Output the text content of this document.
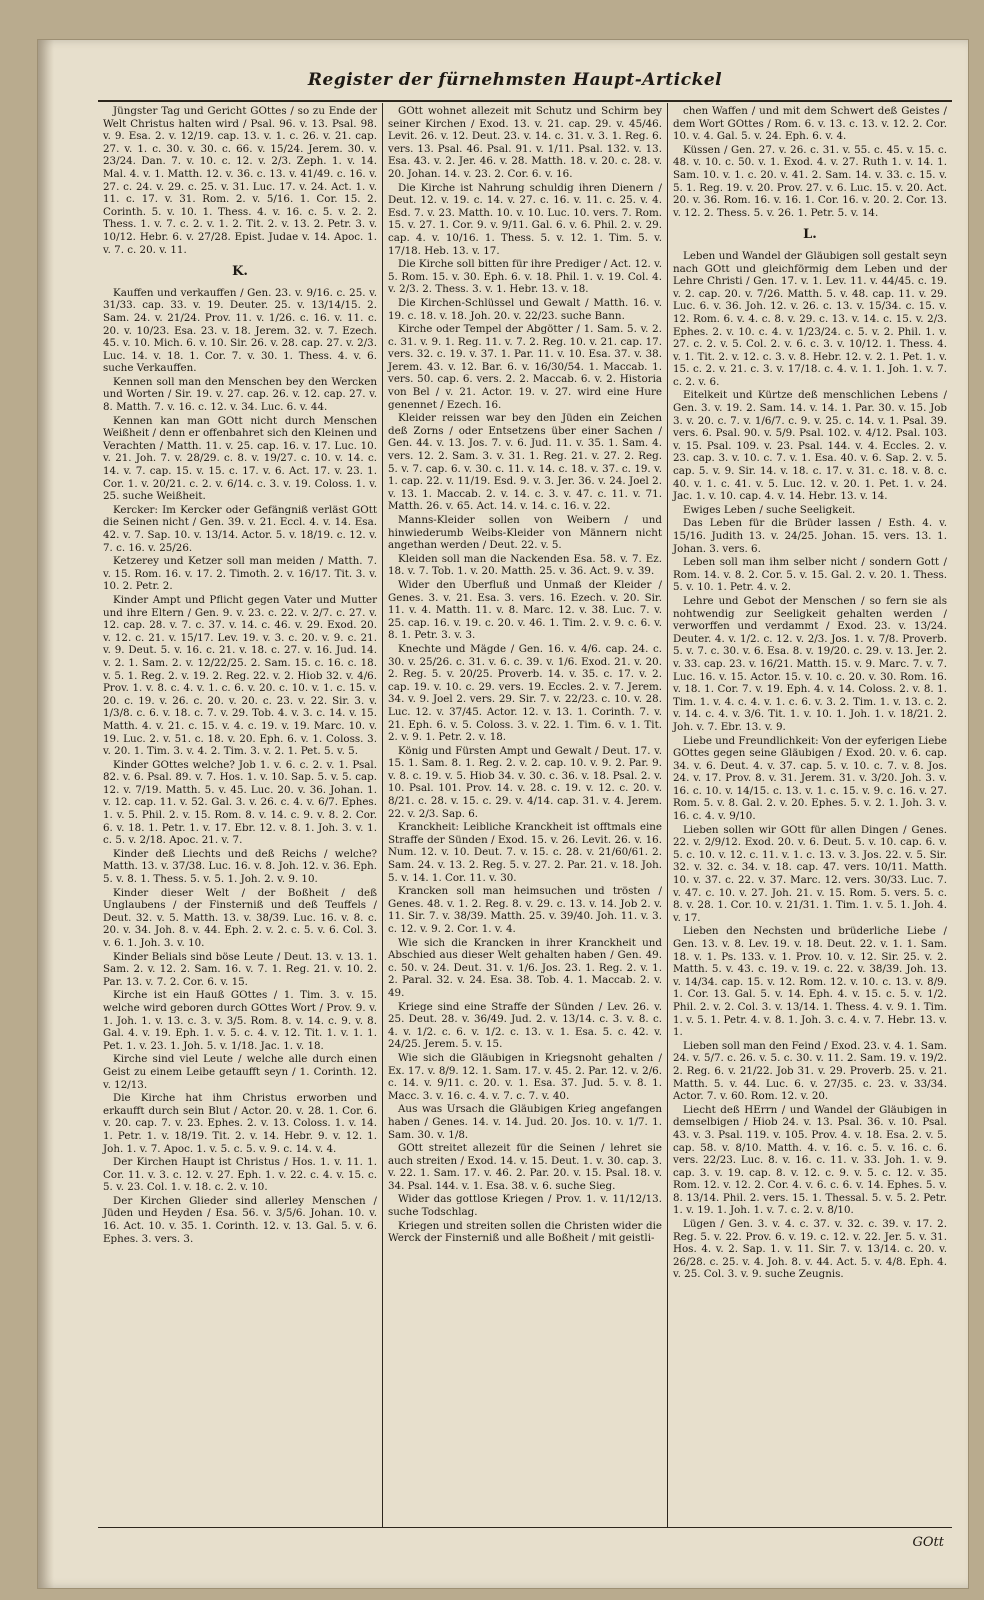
Register der fürnehmsten Haupt-Artickel

Jüngster Tag und Gericht GOttes / so zu Ende der Welt Christus halten wird / Psal. 96. v. 13. Psal. 98. v. 9. Esa. 2. v. 12/19. cap. 13. v. 1. c. 26. v. 21. cap. 27. v. 1. c. 30. v. 30. c. 66. v. 15/24. Jerem. 30. v. 23/24. Dan. 7. v. 10. c. 12. v. 2/3. Zeph. 1. v. 14. Mal. 4. v. 1. Matth. 12. v. 36. c. 13. v. 41/49. c. 16. v. 27. c. 24. v. 29. c. 25. v. 31. Luc. 17. v. 24. Act. 1. v. 11. c. 17. v. 31. Rom. 2. v. 5/16. 1. Cor. 15. 2. Corinth. 5. v. 10. 1. Thess. 4. v. 16. c. 5. v. 2. 2. Thess. 1. v. 7. c. 2. v. 1. 2. Tit. 2. v. 13. 2. Petr. 3. v. 10/12. Hebr. 6. v. 27/28. Epist. Judae v. 14. Apoc. 1. v. 7. c. 20. v. 11.

K.

Kauffen und verkauffen / Gen. 23. v. 9/16. c. 25. v. 31/33. cap. 33. v. 19. Deuter. 25. v. 13/14/15. 2. Sam. 24. v. 21/24. Prov. 11. v. 1/26. c. 16. v. 11. c. 20. v. 10/23. Esa. 23. v. 18. Jerem. 32. v. 7. Ezech. 45. v. 10. Mich. 6. v. 10. Sir. 26. v. 28. cap. 27. v. 2/3. Luc. 14. v. 18. 1. Cor. 7. v. 30. 1. Thess. 4. v. 6. suche Verkauffen.

Kennen soll man den Menschen bey den Wercken und Worten / Sir. 19. v. 27. cap. 26. v. 12. cap. 27. v. 8. Matth. 7. v. 16. c. 12. v. 34. Luc. 6. v. 44.

Kennen kan man GOtt nicht durch Menschen Weißheit / denn er offenbahret sich den Kleinen und Verachten / Matth. 11. v. 25. cap. 16. v. 17. Luc. 10. v. 21. Joh. 7. v. 28/29. c. 8. v. 19/27. c. 10. v. 14. c. 14. v. 7. cap. 15. v. 15. c. 17. v. 6. Act. 17. v. 23. 1. Cor. 1. v. 20/21. c. 2. v. 6/14. c. 3. v. 19. Coloss. 1. v. 25. suche Weißheit.

Kercker: Im Kercker oder Gefängniß verläst GOtt die Seinen nicht / Gen. 39. v. 21. Eccl. 4. v. 14. Esa. 42. v. 7. Sap. 10. v. 13/14. Actor. 5. v. 18/19. c. 12. v. 7. c. 16. v. 25/26.

Ketzerey und Ketzer soll man meiden / Matth. 7. v. 15. Rom. 16. v. 17. 2. Timoth. 2. v. 16/17. Tit. 3. v. 10. 2. Petr. 2.

Kinder Ampt und Pflicht gegen Vater und Mutter und ihre Eltern / Gen. 9. v. 23. c. 22. v. 2/7. c. 27. v. 12. cap. 28. v. 7. c. 37. v. 14. c. 46. v. 29. Exod. 20. v. 12. c. 21. v. 15/17. Lev. 19. v. 3. c. 20. v. 9. c. 21. v. 9. Deut. 5. v. 16. c. 21. v. 18. c. 27. v. 16. Jud. 14. v. 2. 1. Sam. 2. v. 12/22/25. 2. Sam. 15. c. 16. c. 18. v. 5. 1. Reg. 2. v. 19. 2. Reg. 22. v. 2. Hiob 32. v. 4/6. Prov. 1. v. 8. c. 4. v. 1. c. 6. v. 20. c. 10. v. 1. c. 15. v. 20. c. 19. v. 26. c. 20. v. 20. c. 23. v. 22. Sir. 3. v. 1/3/8. c. 6. v. 18. c. 7. v. 29. Tob. 4. v. 3. c. 14. v. 15. Matth. 4. v. 21. c. 15. v. 4. c. 19. v. 19. Marc. 10. v. 19. Luc. 2. v. 51. c. 18. v. 20. Eph. 6. v. 1. Coloss. 3. v. 20. 1. Tim. 3. v. 4. 2. Tim. 3. v. 2. 1. Pet. 5. v. 5.

Kinder GOttes welche? Job 1. v. 6. c. 2. v. 1. Psal. 82. v. 6. Psal. 89. v. 7. Hos. 1. v. 10. Sap. 5. v. 5. cap. 12. v. 7/19. Matth. 5. v. 45. Luc. 20. v. 36. Johan. 1. v. 12. cap. 11. v. 52. Gal. 3. v. 26. c. 4. v. 6/7. Ephes. 1. v. 5. Phil. 2. v. 15. Rom. 8. v. 14. c. 9. v. 8. 2. Cor. 6. v. 18. 1. Petr. 1. v. 17. Ebr. 12. v. 8. 1. Joh. 3. v. 1. c. 5. v. 2/18. Apoc. 21. v. 7.

Kinder deß Liechts und deß Reichs / welche? Matth. 13. v. 37/38. Luc. 16. v. 8. Joh. 12. v. 36. Eph. 5. v. 8. 1. Thess. 5. v. 5. 1. Joh. 2. v. 9. 10.

Kinder dieser Welt / der Boßheit / deß Unglaubens / der Finsterniß und deß Teuffels / Deut. 32. v. 5. Matth. 13. v. 38/39. Luc. 16. v. 8. c. 20. v. 34. Joh. 8. v. 44. Eph. 2. v. 2. c. 5. v. 6. Col. 3. v. 6. 1. Joh. 3. v. 10.

Kinder Belials sind böse Leute / Deut. 13. v. 13. 1. Sam. 2. v. 12. 2. Sam. 16. v. 7. 1. Reg. 21. v. 10. 2. Par. 13. v. 7. 2. Cor. 6. v. 15.

Kirche ist ein Hauß GOttes / 1. Tim. 3. v. 15. welche wird geboren durch GOttes Wort / Prov. 9. v. 1. Joh. 1. v. 13. c. 3. v. 3/5. Rom. 8. v. 14. c. 9. v. 8. Gal. 4. v. 19. Eph. 1. v. 5. c. 4. v. 12. Tit. 1. v. 1. 1. Pet. 1. v. 23. 1. Joh. 5. v. 1/18. Jac. 1. v. 18.

Kirche sind viel Leute / welche alle durch einen Geist zu einem Leibe getaufft seyn / 1. Corinth. 12. v. 12/13.

Die Kirche hat ihm Christus erworben und erkaufft durch sein Blut / Actor. 20. v. 28. 1. Cor. 6. v. 20. cap. 7. v. 23. Ephes. 2. v. 13. Coloss. 1. v. 14. 1. Petr. 1. v. 18/19. Tit. 2. v. 14. Hebr. 9. v. 12. 1. Joh. 1. v. 7. Apoc. 1. v. 5. c. 5. v. 9. c. 14. v. 4.

Der Kirchen Haupt ist Christus / Hos. 1. v. 11. 1. Cor. 11. v. 3. c. 12. v. 27. Eph. 1. v. 22. c. 4. v. 15. c. 5. v. 23. Col. 1. v. 18. c. 2. v. 10.

Der Kirchen Glieder sind allerley Menschen / Jüden und Heyden / Esa. 56. v. 3/5/6. Johan. 10. v. 16. Act. 10. v. 35. 1. Corinth. 12. v. 13. Gal. 5. v. 6. Ephes. 3. vers. 3.

GOtt wohnet allezeit mit Schutz und Schirm bey seiner Kirchen / Exod. 13. v. 21. cap. 29. v. 45/46. Levit. 26. v. 12. Deut. 23. v. 14. c. 31. v. 3. 1. Reg. 6. vers. 13. Psal. 46. Psal. 91. v. 1/11. Psal. 132. v. 13. Esa. 43. v. 2. Jer. 46. v. 28. Matth. 18. v. 20. c. 28. v. 20. Johan. 14. v. 23. 2. Cor. 6. v. 16.

Die Kirche ist Nahrung schuldig ihren Dienern / Deut. 12. v. 19. c. 14. v. 27. c. 16. v. 11. c. 25. v. 4. Esd. 7. v. 23. Matth. 10. v. 10. Luc. 10. vers. 7. Rom. 15. v. 27. 1. Cor. 9. v. 9/11. Gal. 6. v. 6. Phil. 2. v. 29. cap. 4. v. 10/16. 1. Thess. 5. v. 12. 1. Tim. 5. v. 17/18. Heb. 13. v. 17.

Die Kirche soll bitten für ihre Prediger / Act. 12. v. 5. Rom. 15. v. 30. Eph. 6. v. 18. Phil. 1. v. 19. Col. 4. v. 2/3. 2. Thess. 3. v. 1. Hebr. 13. v. 18.

Die Kirchen-Schlüssel und Gewalt / Matth. 16. v. 19. c. 18. v. 18. Joh. 20. v. 22/23. suche Bann.

Kirche oder Tempel der Abgötter / 1. Sam. 5. v. 2. c. 31. v. 9. 1. Reg. 11. v. 7. 2. Reg. 10. v. 21. cap. 17. vers. 32. c. 19. v. 37. 1. Par. 11. v. 10. Esa. 37. v. 38. Jerem. 43. v. 12. Bar. 6. v. 16/30/54. 1. Maccab. 1. vers. 50. cap. 6. vers. 2. 2. Maccab. 6. v. 2. Historia von Bel / v. 21. Actor. 19. v. 27. wird eine Hure genennet / Ezech. 16.

Kleider reissen war bey den Jüden ein Zeichen deß Zorns / oder Entsetzens über einer Sachen / Gen. 44. v. 13. Jos. 7. v. 6. Jud. 11. v. 35. 1. Sam. 4. vers. 12. 2. Sam. 3. v. 31. 1. Reg. 21. v. 27. 2. Reg. 5. v. 7. cap. 6. v. 30. c. 11. v. 14. c. 18. v. 37. c. 19. v. 1. cap. 22. v. 11/19. Esd. 9. v. 3. Jer. 36. v. 24. Joel 2. v. 13. 1. Maccab. 2. v. 14. c. 3. v. 47. c. 11. v. 71. Matth. 26. v. 65. Act. 14. v. 14. c. 16. v. 22.

Manns-Kleider sollen von Weibern / und hinwiederumb Weibs-Kleider von Männern nicht angethan werden / Deut. 22. v. 5.

Kleiden soll man die Nackenden Esa. 58. v. 7. Ez. 18. v. 7. Tob. 1. v. 20. Matth. 25. v. 36. Act. 9. v. 39.

Wider den Uberfluß und Unmaß der Kleider / Genes. 3. v. 21. Esa. 3. vers. 16. Ezech. v. 20. Sir. 11. v. 4. Matth. 11. v. 8. Marc. 12. v. 38. Luc. 7. v. 25. cap. 16. v. 19. c. 20. v. 46. 1. Tim. 2. v. 9. c. 6. v. 8. 1. Petr. 3. v. 3.

Knechte und Mägde / Gen. 16. v. 4/6. cap. 24. c. 30. v. 25/26. c. 31. v. 6. c. 39. v. 1/6. Exod. 21. v. 20. 2. Reg. 5. v. 20/25. Proverb. 14. v. 35. c. 17. v. 2. cap. 19. v. 10. c. 29. vers. 19. Eccles. 2. v. 7. Jerem. 34. v. 9. Joel 2. vers. 29. Sir. 7. v. 22/23. c. 10. v. 28. Luc. 12. v. 37/45. Actor. 12. v. 13. 1. Corinth. 7. v. 21. Eph. 6. v. 5. Coloss. 3. v. 22. 1. Tim. 6. v. 1. Tit. 2. v. 9. 1. Petr. 2. v. 18.

König und Fürsten Ampt und Gewalt / Deut. 17. v. 15. 1. Sam. 8. 1. Reg. 2. v. 2. cap. 10. v. 9. 2. Par. 9. v. 8. c. 19. v. 5. Hiob 34. v. 30. c. 36. v. 18. Psal. 2. v. 10. Psal. 101. Prov. 14. v. 28. c. 19. v. 12. c. 20. v. 8/21. c. 28. v. 15. c. 29. v. 4/14. cap. 31. v. 4. Jerem. 22. v. 2/3. Sap. 6.

Kranckheit: Leibliche Kranckheit ist offtmals eine Straffe der Sünden / Exod. 15. v. 26. Levit. 26. v. 16. Num. 12. v. 10. Deut. 7. v. 15. c. 28. v. 21/60/61. 2. Sam. 24. v. 13. 2. Reg. 5. v. 27. 2. Par. 21. v. 18. Joh. 5. v. 14. 1. Cor. 11. v. 30.

Krancken soll man heimsuchen und trösten / Genes. 48. v. 1. 2. Reg. 8. v. 29. c. 13. v. 14. Job 2. v. 11. Sir. 7. v. 38/39. Matth. 25. v. 39/40. Joh. 11. v. 3. c. 12. v. 9. 2. Cor. 1. v. 4.

Wie sich die Krancken in ihrer Kranckheit und Abschied aus dieser Welt gehalten haben / Gen. 49. c. 50. v. 24. Deut. 31. v. 1/6. Jos. 23. 1. Reg. 2. v. 1. 2. Paral. 32. v. 24. Esa. 38. Tob. 4. 1. Maccab. 2. v. 49.

Kriege sind eine Straffe der Sünden / Lev. 26. v. 25. Deut. 28. v. 36/49. Jud. 2. v. 13/14. c. 3. v. 8. c. 4. v. 1/2. c. 6. v. 1/2. c. 13. v. 1. Esa. 5. c. 42. v. 24/25. Jerem. 5. v. 15.

Wie sich die Gläubigen in Kriegsnoht gehalten / Ex. 17. v. 8/9. 12. 1. Sam. 17. v. 45. 2. Par. 12. v. 2/6. c. 14. v. 9/11. c. 20. v. 1. Esa. 37. Jud. 5. v. 8. 1. Macc. 3. v. 16. c. 4. v. 7. c. 7. v. 40.

Aus was Ursach die Gläubigen Krieg angefangen haben / Genes. 14. v. 14. Jud. 20. Jos. 10. v. 1/7. 1. Sam. 30. v. 1/8.

GOtt streitet allezeit für die Seinen / lehret sie auch streiten / Exod. 14. v. 15. Deut. 1. v. 30. cap. 3. v. 22. 1. Sam. 17. v. 46. 2. Par. 20. v. 15. Psal. 18. v. 34. Psal. 144. v. 1. Esa. 38. v. 6. suche Sieg.

Wider das gottlose Kriegen / Prov. 1. v. 11/12/13. suche Todschlag.

Kriegen und streiten sollen die Christen wider die Werck der Finsterniß und alle Boßheit / mit geistli-

chen Waffen / und mit dem Schwert deß Geistes / dem Wort GOttes / Rom. 6. v. 13. c. 13. v. 12. 2. Cor. 10. v. 4. Gal. 5. v. 24. Eph. 6. v. 4.

Küssen / Gen. 27. v. 26. c. 31. v. 55. c. 45. v. 15. c. 48. v. 10. c. 50. v. 1. Exod. 4. v. 27. Ruth 1. v. 14. 1. Sam. 10. v. 1. c. 20. v. 41. 2. Sam. 14. v. 33. c. 15. v. 5. 1. Reg. 19. v. 20. Prov. 27. v. 6. Luc. 15. v. 20. Act. 20. v. 36. Rom. 16. v. 16. 1. Cor. 16. v. 20. 2. Cor. 13. v. 12. 2. Thess. 5. v. 26. 1. Petr. 5. v. 14.

L.

Leben und Wandel der Gläubigen soll gestalt seyn nach GOtt und gleichförmig dem Leben und der Lehre Christi / Gen. 17. v. 1. Lev. 11. v. 44/45. c. 19. v. 2. cap. 20. v. 7/26. Matth. 5. v. 48. cap. 11. v. 29. Luc. 6. v. 36. Joh. 12. v. 26. c. 13. v. 15/34. c. 15. v. 12. Rom. 6. v. 4. c. 8. v. 29. c. 13. v. 14. c. 15. v. 2/3. Ephes. 2. v. 10. c. 4. v. 1/23/24. c. 5. v. 2. Phil. 1. v. 27. c. 2. v. 5. Col. 2. v. 6. c. 3. v. 10/12. 1. Thess. 4. v. 1. Tit. 2. v. 12. c. 3. v. 8. Hebr. 12. v. 2. 1. Pet. 1. v. 15. c. 2. v. 21. c. 3. v. 17/18. c. 4. v. 1. 1. Joh. 1. v. 7. c. 2. v. 6.

Eitelkeit und Kürtze deß menschlichen Lebens / Gen. 3. v. 19. 2. Sam. 14. v. 14. 1. Par. 30. v. 15. Job 3. v. 20. c. 7. v. 1/6/7. c. 9. v. 25. c. 14. v. 1. Psal. 39. vers. 6. Psal. 90. v. 5/9. Psal. 102. v. 4/12. Psal. 103. v. 15. Psal. 109. v. 23. Psal. 144. v. 4. Eccles. 2. v. 23. cap. 3. v. 10. c. 7. v. 1. Esa. 40. v. 6. Sap. 2. v. 5. cap. 5. v. 9. Sir. 14. v. 18. c. 17. v. 31. c. 18. v. 8. c. 40. v. 1. c. 41. v. 5. Luc. 12. v. 20. 1. Pet. 1. v. 24. Jac. 1. v. 10. cap. 4. v. 14. Hebr. 13. v. 14.

Ewiges Leben / suche Seeligkeit.

Das Leben für die Brüder lassen / Esth. 4. v. 15/16. Judith 13. v. 24/25. Johan. 15. vers. 13. 1. Johan. 3. vers. 6.

Leben soll man ihm selber nicht / sondern Gott / Rom. 14. v. 8. 2. Cor. 5. v. 15. Gal. 2. v. 20. 1. Thess. 5. v. 10. 1. Petr. 4. v. 2.

Lehre und Gebot der Menschen / so fern sie als nohtwendig zur Seeligkeit gehalten werden / verworffen und verdammt / Exod. 23. v. 13/24. Deuter. 4. v. 1/2. c. 12. v. 2/3. Jos. 1. v. 7/8. Proverb. 5. v. 7. c. 30. v. 6. Esa. 8. v. 19/20. c. 29. v. 13. Jer. 2. v. 33. cap. 23. v. 16/21. Matth. 15. v. 9. Marc. 7. v. 7. Luc. 16. v. 15. Actor. 15. v. 10. c. 20. v. 30. Rom. 16. v. 18. 1. Cor. 7. v. 19. Eph. 4. v. 14. Coloss. 2. v. 8. 1. Tim. 1. v. 4. c. 4. v. 1. c. 6. v. 3. 2. Tim. 1. v. 13. c. 2. v. 14. c. 4. v. 3/6. Tit. 1. v. 10. 1. Joh. 1. v. 18/21. 2. Joh. v. 7. Ebr. 13. v. 9.

Liebe und Freundlichkeit: Von der eyferigen Liebe GOttes gegen seine Gläubigen / Exod. 20. v. 6. cap. 34. v. 6. Deut. 4. v. 37. cap. 5. v. 10. c. 7. v. 8. Jos. 24. v. 17. Prov. 8. v. 31. Jerem. 31. v. 3/20. Joh. 3. v. 16. c. 10. v. 14/15. c. 13. v. 1. c. 15. v. 9. c. 16. v. 27. Rom. 5. v. 8. Gal. 2. v. 20. Ephes. 5. v. 2. 1. Joh. 3. v. 16. c. 4. v. 9/10.

Lieben sollen wir GOtt für allen Dingen / Genes. 22. v. 2/9/12. Exod. 20. v. 6. Deut. 5. v. 10. cap. 6. v. 5. c. 10. v. 12. c. 11. v. 1. c. 13. v. 3. Jos. 22. v. 5. Sir. 32. v. 32. c. 34. v. 18. cap. 47. vers. 10/11. Matth. 10. v. 37. c. 22. v. 37. Marc. 12. vers. 30/33. Luc. 7. v. 47. c. 10. v. 27. Joh. 21. v. 15. Rom. 5. vers. 5. c. 8. v. 28. 1. Cor. 10. v. 21/31. 1. Tim. 1. v. 5. 1. Joh. 4. v. 17.

Lieben den Nechsten und brüderliche Liebe / Gen. 13. v. 8. Lev. 19. v. 18. Deut. 22. v. 1. 1. Sam. 18. v. 1. Ps. 133. v. 1. Prov. 10. v. 12. Sir. 25. v. 2. Matth. 5. v. 43. c. 19. v. 19. c. 22. v. 38/39. Joh. 13. v. 14/34. cap. 15. v. 12. Rom. 12. v. 10. c. 13. v. 8/9. 1. Cor. 13. Gal. 5. v. 14. Eph. 4. v. 15. c. 5. v. 1/2. Phil. 2. v. 2. Col. 3. v. 13/14. 1. Thess. 4. v. 9. 1. Tim. 1. v. 5. 1. Petr. 4. v. 8. 1. Joh. 3. c. 4. v. 7. Hebr. 13. v. 1.

Lieben soll man den Feind / Exod. 23. v. 4. 1. Sam. 24. v. 5/7. c. 26. v. 5. c. 30. v. 11. 2. Sam. 19. v. 19/2. 2. Reg. 6. v. 21/22. Job 31. v. 29. Proverb. 25. v. 21. Matth. 5. v. 44. Luc. 6. v. 27/35. c. 23. v. 33/34. Actor. 7. v. 60. Rom. 12. v. 20.

Liecht deß HErrn / und Wandel der Gläubigen in demselbigen / Hiob 24. v. 13. Psal. 36. v. 10. Psal. 43. v. 3. Psal. 119. v. 105. Prov. 4. v. 18. Esa. 2. v. 5. cap. 58. v. 8/10. Matth. 4. v. 16. c. 5. v. 16. c. 6. vers. 22/23. Luc. 8. v. 16. c. 11. v. 33. Joh. 1. v. 9. cap. 3. v. 19. cap. 8. v. 12. c. 9. v. 5. c. 12. v. 35. Rom. 12. v. 12. 2. Cor. 4. v. 6. c. 6. v. 14. Ephes. 5. v. 8. 13/14. Phil. 2. vers. 15. 1. Thessal. 5. v. 5. 2. Petr. 1. v. 19. 1. Joh. 1. v. 7. c. 2. v. 8/10.

Lügen / Gen. 3. v. 4. c. 37. v. 32. c. 39. v. 17. 2. Reg. 5. v. 22. Prov. 6. v. 19. c. 12. v. 22. Jer. 5. v. 31. Hos. 4. v. 2. Sap. 1. v. 11. Sir. 7. v. 13/14. c. 20. v. 26/28. c. 25. v. 4. Joh. 8. v. 44. Act. 5. v. 4/8. Eph. 4. v. 25. Col. 3. v. 9. suche Zeugnis.

GOtt
